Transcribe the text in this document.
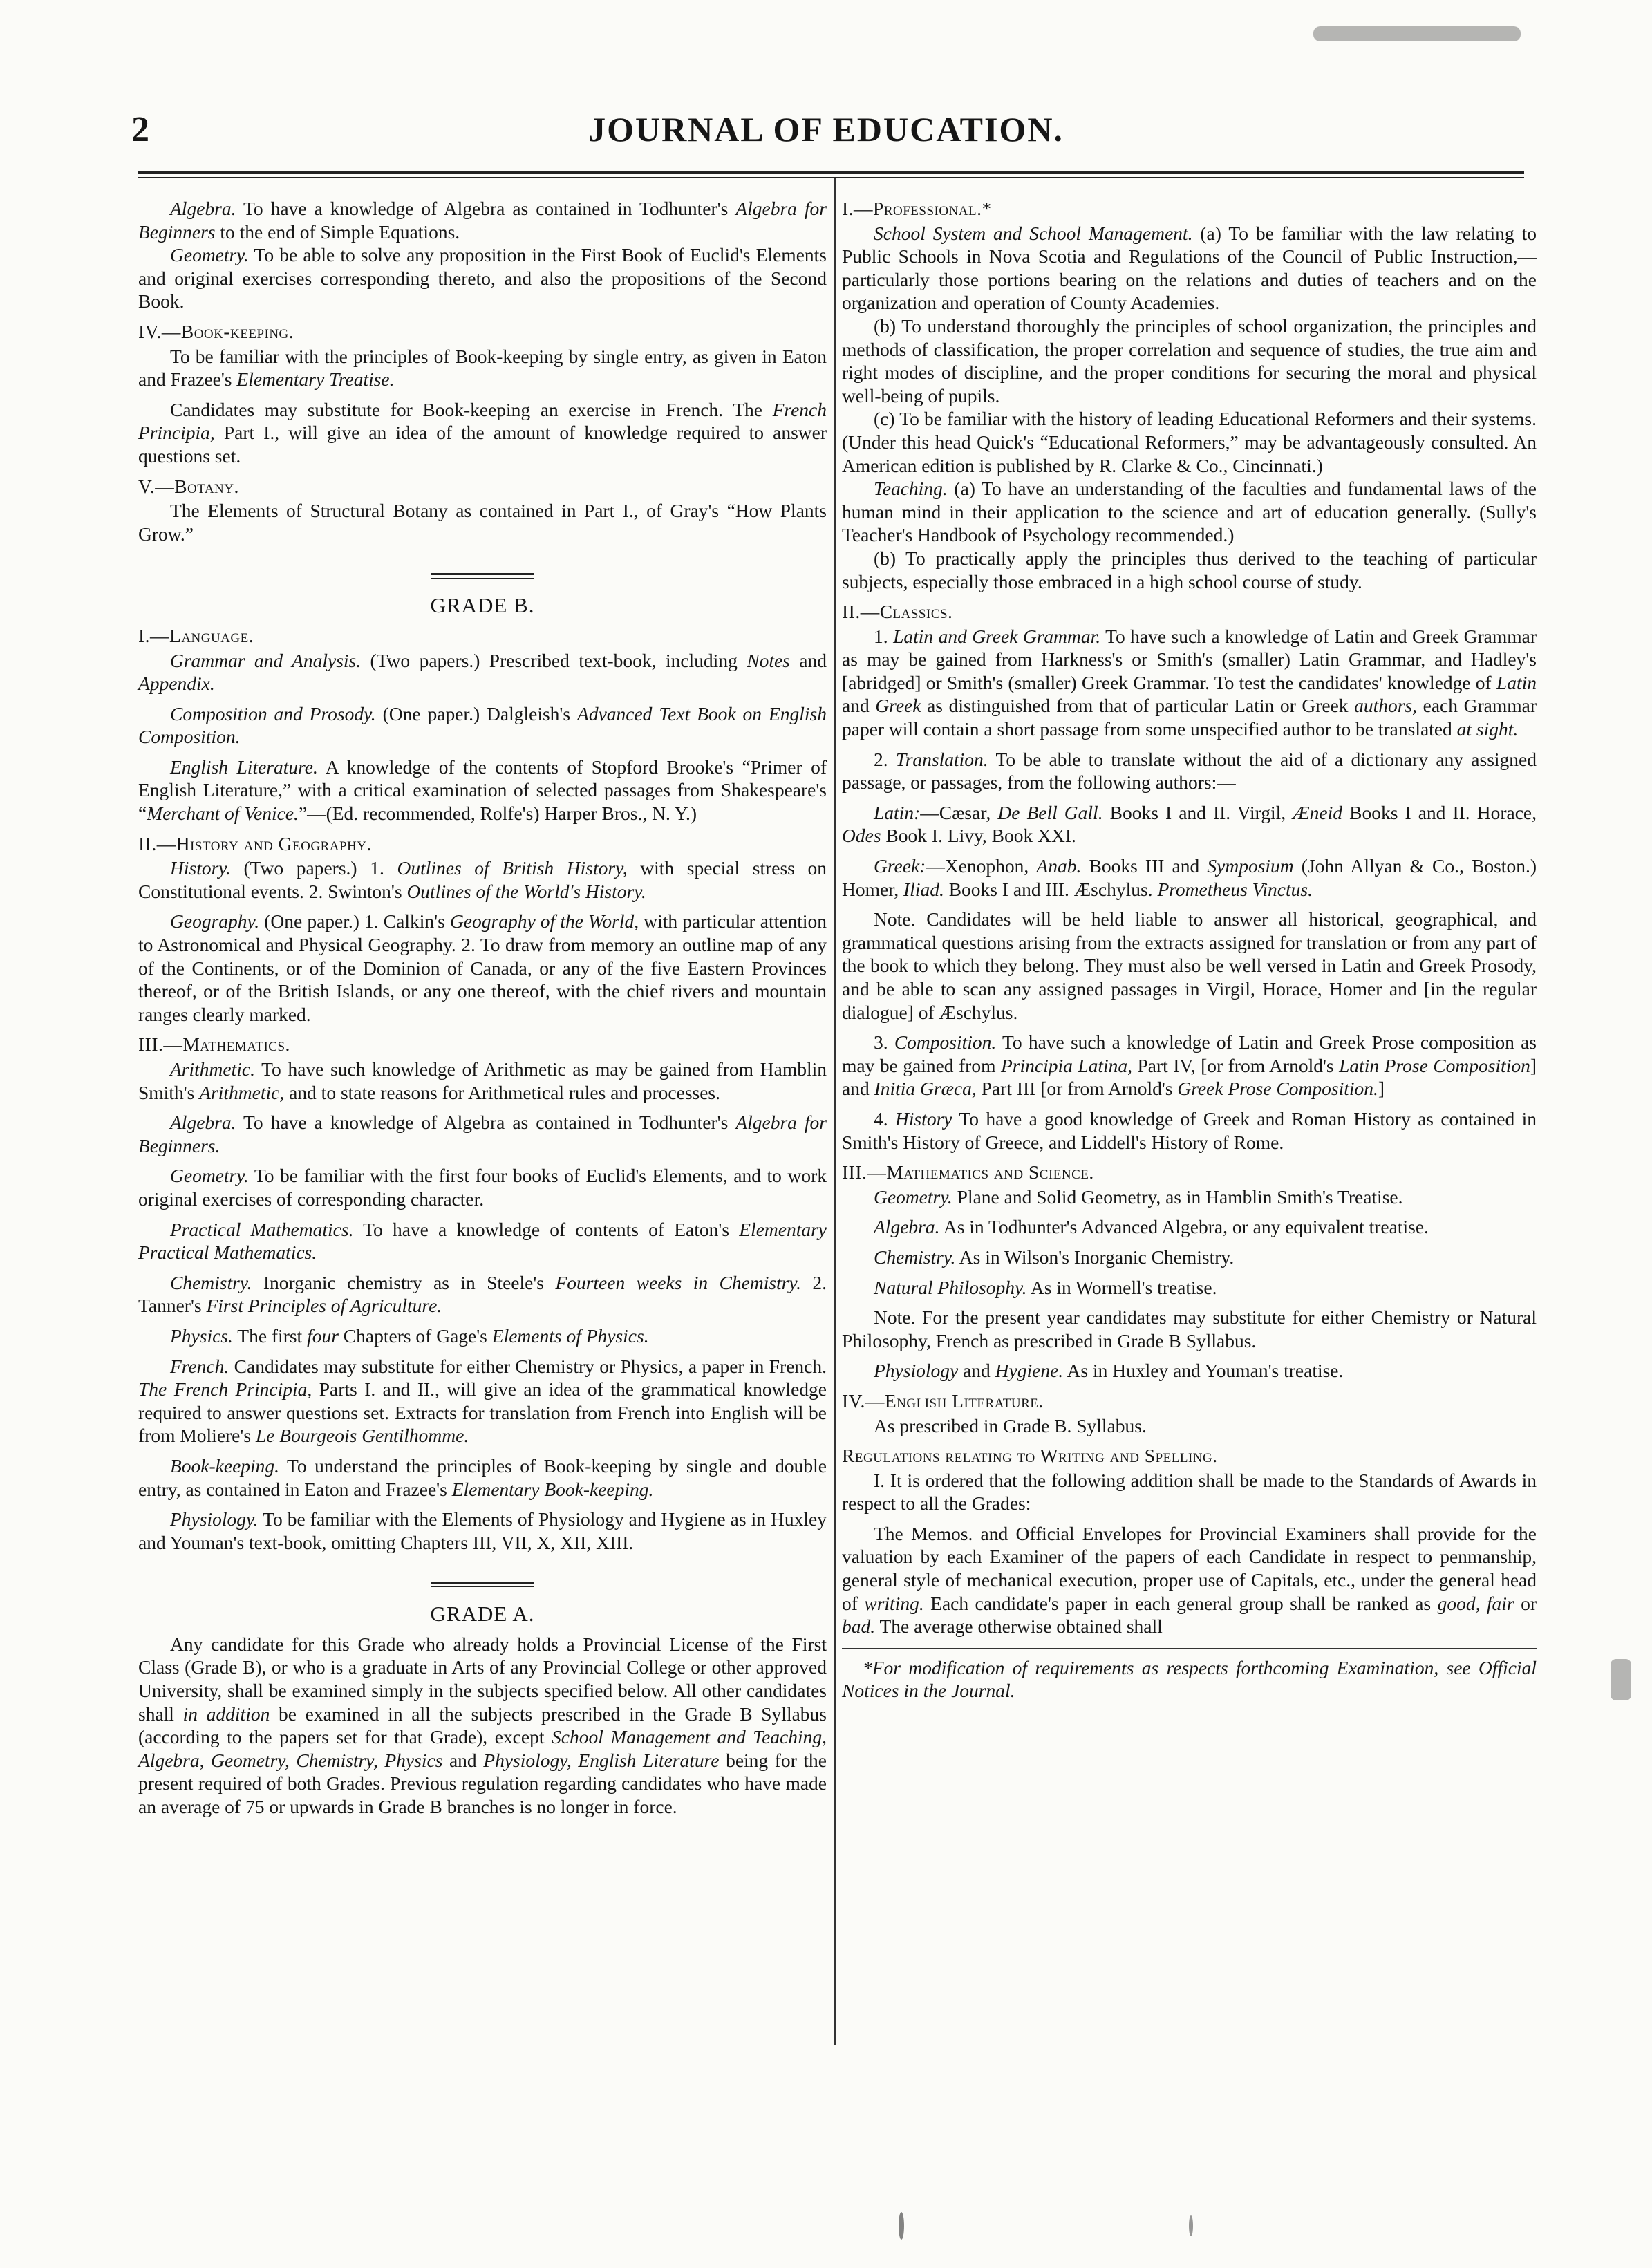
2	JOURNAL OF EDUCATION.

Algebra. To have a knowledge of Algebra as contained in Todhunter's Algebra for Beginners to the end of Simple Equations.

Geometry. To be able to solve any proposition in the First Book of Euclid's Elements and original exercises corresponding thereto, and also the propositions of the Second Book.

IV.—Book-keeping.

To be familiar with the principles of Book-keeping by single entry, as given in Eaton and Frazee's Elementary Treatise.

Candidates may substitute for Book-keeping an exercise in French. The French Principia, Part I., will give an idea of the amount of knowledge required to answer questions set.

V.—Botany.

The Elements of Structural Botany as contained in Part I., of Gray's “How Plants Grow.”

GRADE B.

I.—Language.

Grammar and Analysis. (Two papers.) Prescribed text-book, including Notes and Appendix.

Composition and Prosody. (One paper.) Dalgleish's Advanced Text Book on English Composition.

English Literature. A knowledge of the contents of Stopford Brooke's “Primer of English Literature,” with a critical examination of selected passages from Shakespeare's “Merchant of Venice.”—(Ed. recommended, Rolfe's) Harper Bros., N. Y.)

II.—History and Geography.

History. (Two papers.) 1. Outlines of British History, with special stress on Constitutional events. 2. Swinton's Outlines of the World's History.

Geography. (One paper.) 1. Calkin's Geography of the World, with particular attention to Astronomical and Physical Geography. 2. To draw from memory an outline map of any of the Continents, or of the Dominion of Canada, or any of the five Eastern Provinces thereof, or of the British Islands, or any one thereof, with the chief rivers and mountain ranges clearly marked.

III.—Mathematics.

Arithmetic. To have such knowledge of Arithmetic as may be gained from Hamblin Smith's Arithmetic, and to state reasons for Arithmetical rules and processes.

Algebra. To have a knowledge of Algebra as contained in Todhunter's Algebra for Beginners.

Geometry. To be familiar with the first four books of Euclid's Elements, and to work original exercises of corresponding character.

Practical Mathematics. To have a knowledge of contents of Eaton's Elementary Practical Mathematics.

Chemistry. Inorganic chemistry as in Steele's Fourteen weeks in Chemistry. 2. Tanner's First Principles of Agriculture.

Physics. The first four Chapters of Gage's Elements of Physics.

French. Candidates may substitute for either Chemistry or Physics, a paper in French. The French Principia, Parts I. and II., will give an idea of the grammatical knowledge required to answer questions set. Extracts for translation from French into English will be from Moliere's Le Bourgeois Gentilhomme.

Book-keeping. To understand the principles of Book-keeping by single and double entry, as contained in Eaton and Frazee's Elementary Book-keeping.

Physiology. To be familiar with the Elements of Physiology and Hygiene as in Huxley and Youman's text-book, omitting Chapters III, VII, X, XII, XIII.

GRADE A.

Any candidate for this Grade who already holds a Provincial License of the First Class (Grade B), or who is a graduate in Arts of any Provincial College or other approved University, shall be examined simply in the subjects specified below. All other candidates shall in addition be examined in all the subjects prescribed in the Grade B Syllabus (according to the papers set for that Grade), except School Management and Teaching, Algebra, Geometry, Chemistry, Physics and Physiology, English Literature being for the present required of both Grades. Previous regulation regarding candidates who have made an average of 75 or upwards in Grade B branches is no longer in force.

I.—Professional.*

School System and School Management. (a) To be familiar with the law relating to Public Schools in Nova Scotia and Regulations of the Council of Public Instruction,—particularly those portions bearing on the relations and duties of teachers and on the organization and operation of County Academies.

(b) To understand thoroughly the principles of school organization, the principles and methods of classification, the proper correlation and sequence of studies, the true aim and right modes of discipline, and the proper conditions for securing the moral and physical well-being of pupils.

(c) To be familiar with the history of leading Educational Reformers and their systems. (Under this head Quick's “Educational Reformers,” may be advantageously consulted. An American edition is published by R. Clarke & Co., Cincinnati.)

Teaching. (a) To have an understanding of the faculties and fundamental laws of the human mind in their application to the science and art of education generally. (Sully's Teacher's Handbook of Psychology recommended.)

(b) To practically apply the principles thus derived to the teaching of particular subjects, especially those embraced in a high school course of study.

II.—Classics.

1. Latin and Greek Grammar. To have such a knowledge of Latin and Greek Grammar as may be gained from Harkness's or Smith's (smaller) Latin Grammar, and Hadley's [abridged] or Smith's (smaller) Greek Grammar. To test the candidates' knowledge of Latin and Greek as distinguished from that of particular Latin or Greek authors, each Grammar paper will contain a short passage from some unspecified author to be translated at sight.

2. Translation. To be able to translate without the aid of a dictionary any assigned passage, or passages, from the following authors:—

Latin:—Cæsar, De Bell Gall. Books I and II. Virgil, Æneid Books I and II. Horace, Odes Book I. Livy, Book XXI.

Greek:—Xenophon, Anab. Books III and Symposium (John Allyan & Co., Boston.) Homer, Iliad. Books I and III. Æschylus. Prometheus Vinctus.

Note. Candidates will be held liable to answer all historical, geographical, and grammatical questions arising from the extracts assigned for translation or from any part of the book to which they belong. They must also be well versed in Latin and Greek Prosody, and be able to scan any assigned passages in Virgil, Horace, Homer and [in the regular dialogue] of Æschylus.

3. Composition. To have such a knowledge of Latin and Greek Prose composition as may be gained from Principia Latina, Part IV, [or from Arnold's Latin Prose Composition] and Initia Græca, Part III [or from Arnold's Greek Prose Composition.]

4. History To have a good knowledge of Greek and Roman History as contained in Smith's History of Greece, and Liddell's History of Rome.

III.—Mathematics and Science.

Geometry. Plane and Solid Geometry, as in Hamblin Smith's Treatise.

Algebra. As in Todhunter's Advanced Algebra, or any equivalent treatise.

Chemistry. As in Wilson's Inorganic Chemistry.

Natural Philosophy. As in Wormell's treatise.

Note. For the present year candidates may substitute for either Chemistry or Natural Philosophy, French as prescribed in Grade B Syllabus.

Physiology and Hygiene. As in Huxley and Youman's treatise.

IV.—English Literature.

As prescribed in Grade B. Syllabus.

Regulations relating to Writing and Spelling.

I. It is ordered that the following addition shall be made to the Standards of Awards in respect to all the Grades:

The Memos. and Official Envelopes for Provincial Examiners shall provide for the valuation by each Examiner of the papers of each Candidate in respect to penmanship, general style of mechanical execution, proper use of Capitals, etc., under the general head of writing. Each candidate's paper in each general group shall be ranked as good, fair or bad. The average otherwise obtained shall

*For modification of requirements as respects forthcoming Examination, see Official Notices in the Journal.
